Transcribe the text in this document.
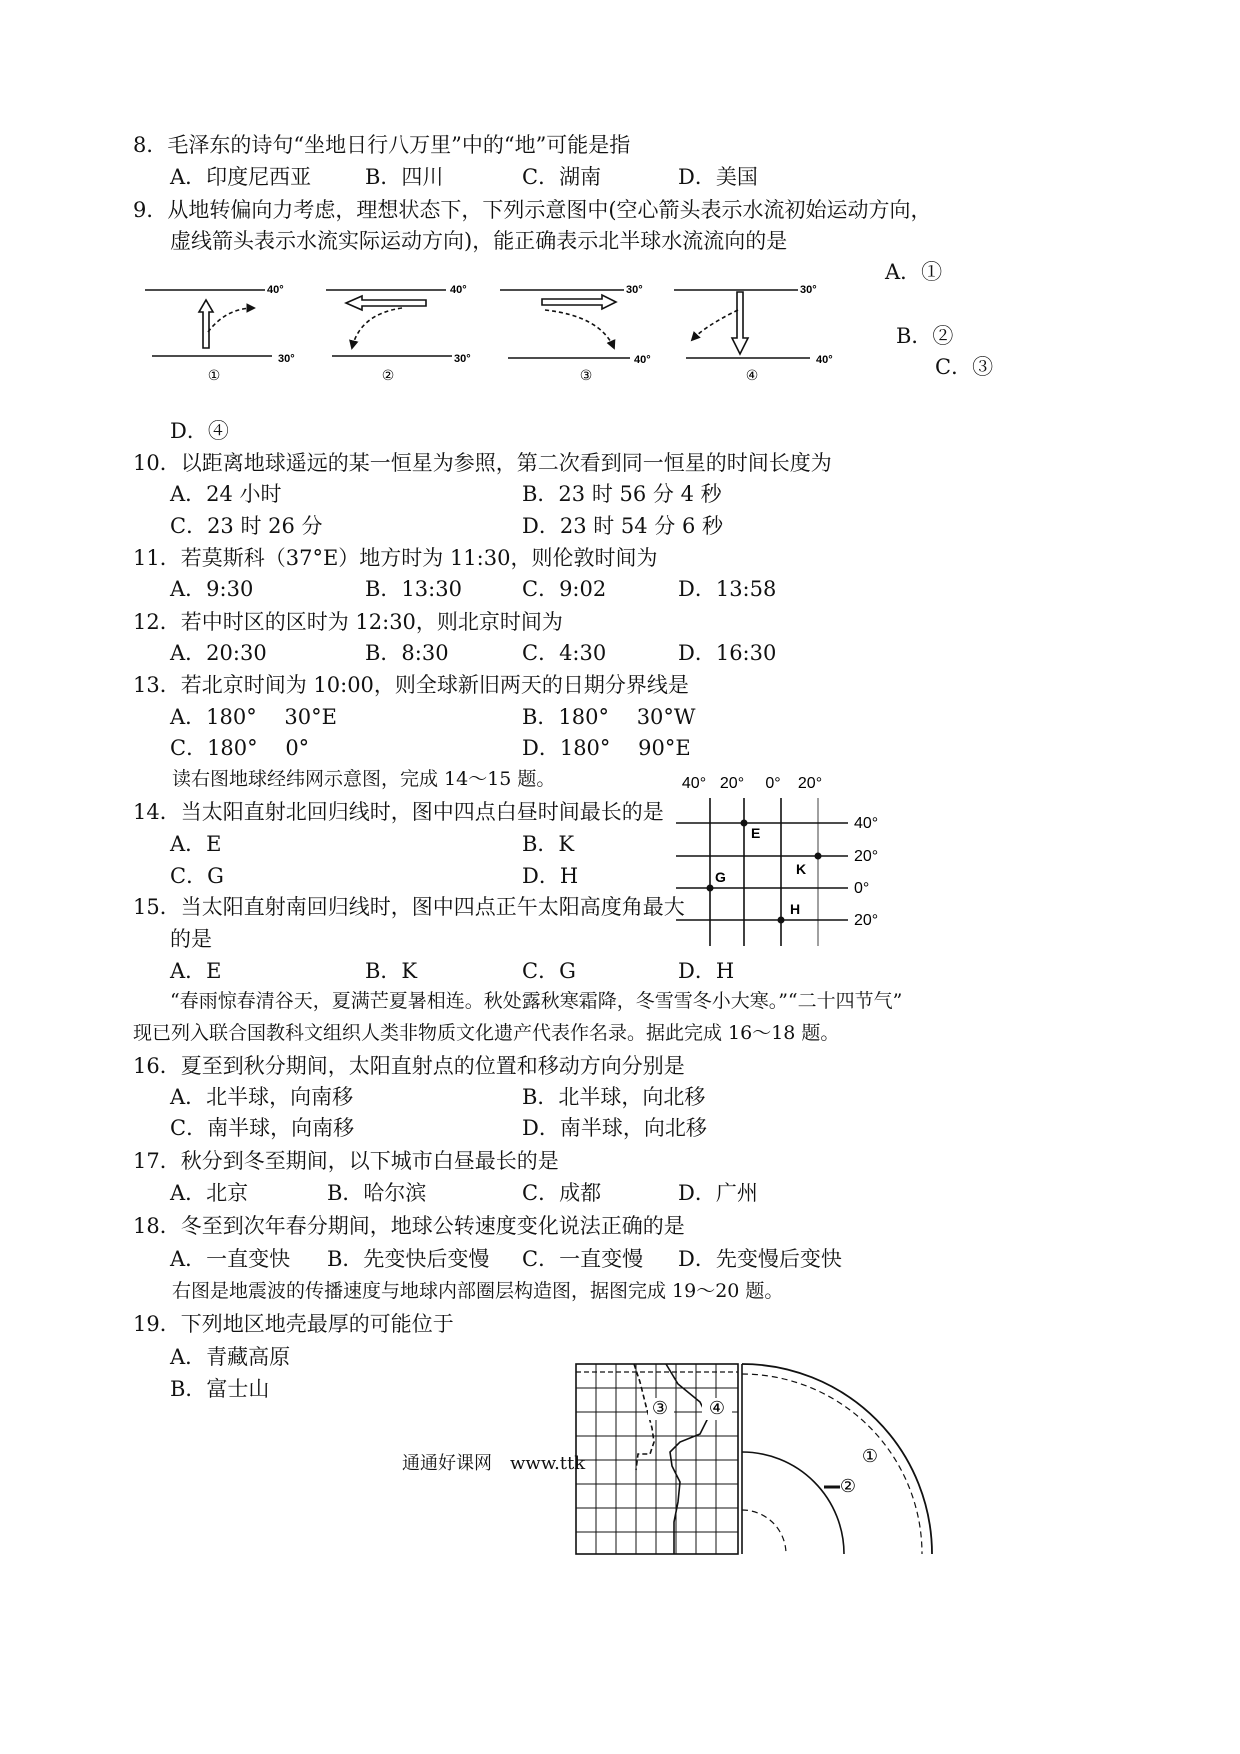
8．毛泽东的诗句“坐地日行八万里”中的“地”可能是指
A．印度尼西亚	B．四川	C．湖南	D．美国
9．从地转偏向力考虑，理想状态下，下列示意图中(空心箭头表示水流初始运动方向，
虚线箭头表示水流实际运动方向)，能正确表示北半球水流流向的是
A．①
B．②
C．③
D．④
40°
30°
①
40°
30°
②
30°
40°
③
30°
40°
④
10．以距离地球遥远的某一恒星为参照，第二次看到同一恒星的时间长度为
A．24 小时	B．23 时 56 分 4 秒
C．23 时 26 分	D．23 时 54 分 6 秒
11．若莫斯科（37°E）地方时为 11:30，则伦敦时间为
A．9:30	B．13:30	C．9:02	D．13:58
12．若中时区的区时为 12:30，则北京时间为
A．20:30	B．8:30	C．4:30	D．16:30
13．若北京时间为 10:00，则全球新旧两天的日期分界线是
A．180°　 30°E	B．180°　 30°W
C．180°　 0°	D．180°　 90°E
读右图地球经纬网示意图，完成 14～15 题。
14．当太阳直射北回归线时，图中四点白昼时间最长的是
A．E	B．K
C．G	D．H
15．当太阳直射南回归线时，图中四点正午太阳高度角最大
的是
A．E	B．K	C．G	D．H
40° 20° 0° 20°
40°
20°
0°
20°
E
K
G
H
“春雨惊春清谷天，夏满芒夏暑相连。秋处露秋寒霜降，冬雪雪冬小大寒。”“二十四节气”
现已列入联合国教科文组织人类非物质文化遗产代表作名录。据此完成 16～18 题。
16．夏至到秋分期间，太阳直射点的位置和移动方向分别是
A．北半球，向南移	B．北半球，向北移
C．南半球，向南移	D．南半球，向北移
17．秋分到冬至期间，以下城市白昼最长的是
A．北京	B．哈尔滨	C．成都	D．广州
18．冬至到次年春分期间，地球公转速度变化说法正确的是
A．一直变快 B．先变快后变慢 C．一直变慢 D．先变慢后变快
右图是地震波的传播速度与地球内部圈层构造图，据图完成 19～20 题。
19．下列地区地壳最厚的可能位于
A．青藏高原
B．富士山
③ ④
①
②
通通好课网　www.ttk
